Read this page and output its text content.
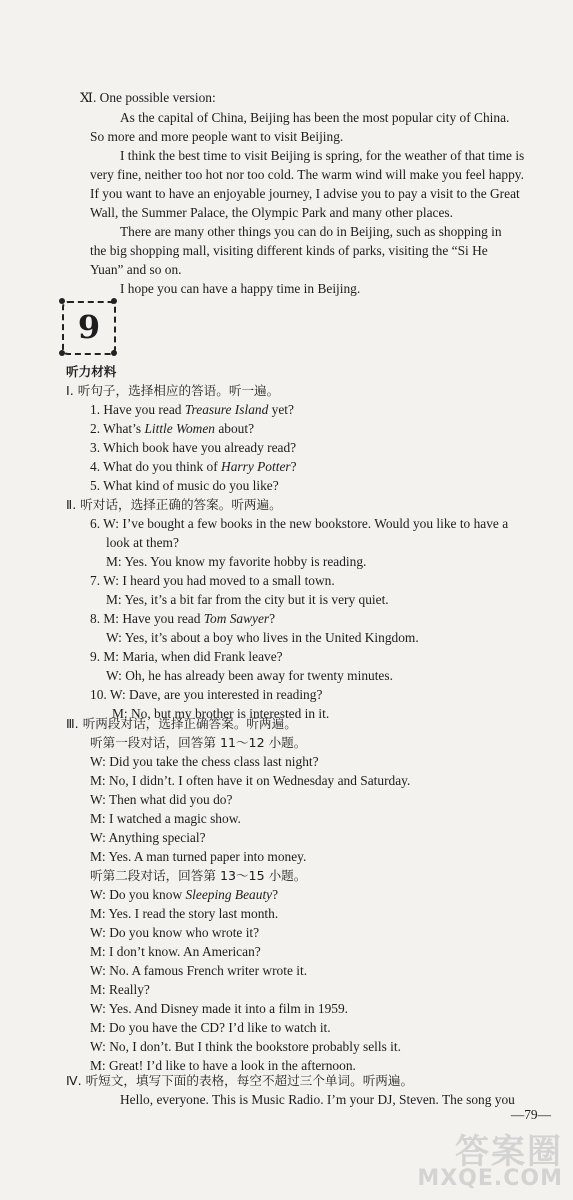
Ⅺ. One possible version:
As the capital of China, Beijing has been the most popular city of China.
So more and more people want to visit Beijing.
I think the best time to visit Beijing is spring, for the weather of that time is
very fine, neither too hot nor too cold. The warm wind will make you feel happy.
If you want to have an enjoyable journey, I advise you to pay a visit to the Great
Wall, the Summer Palace, the Olympic Park and many other places.
There are many other things you can do in Beijing, such as shopping in
the big shopping mall, visiting different kinds of parks, visiting the “Si He
Yuan” and so on.
I hope you can have a happy time in Beijing.
9
听力材料
Ⅰ. 听句子，选择相应的答语。听一遍。
1. Have you read Treasure Island yet?
2. What’s Little Women about?
3. Which book have you already read?
4. What do you think of Harry Potter?
5. What kind of music do you like?
Ⅱ. 听对话，选择正确的答案。听两遍。
6. W: I’ve bought a few books in the new bookstore. Would you like to have a
look at them?
M: Yes. You know my favorite hobby is reading.
7. W: I heard you had moved to a small town.
M: Yes, it’s a bit far from the city but it is very quiet.
8. M: Have you read Tom Sawyer?
W: Yes, it’s about a boy who lives in the United Kingdom.
9. M: Maria, when did Frank leave?
W: Oh, he has already been away for twenty minutes.
10. W: Dave, are you interested in reading?
M: No, but my brother is interested in it.
Ⅲ. 听两段对话，选择正确答案。听两遍。
听第一段对话，回答第 11～12 小题。
W: Did you take the chess class last night?
M: No, I didn’t. I often have it on Wednesday and Saturday.
W: Then what did you do?
M: I watched a magic show.
W: Anything special?
M: Yes. A man turned paper into money.
听第二段对话，回答第 13～15 小题。
W: Do you know Sleeping Beauty?
M: Yes. I read the story last month.
W: Do you know who wrote it?
M: I don’t know. An American?
W: No. A famous French writer wrote it.
M: Really?
W: Yes. And Disney made it into a film in 1959.
M: Do you have the CD? I’d like to watch it.
W: No, I don’t. But I think the bookstore probably sells it.
M: Great! I’d like to have a look in the afternoon.
Ⅳ. 听短文，填写下面的表格，每空不超过三个单词。听两遍。
Hello, everyone. This is Music Radio. I’m your DJ, Steven. The song you
—79—
答案圈
MXQE.COM
